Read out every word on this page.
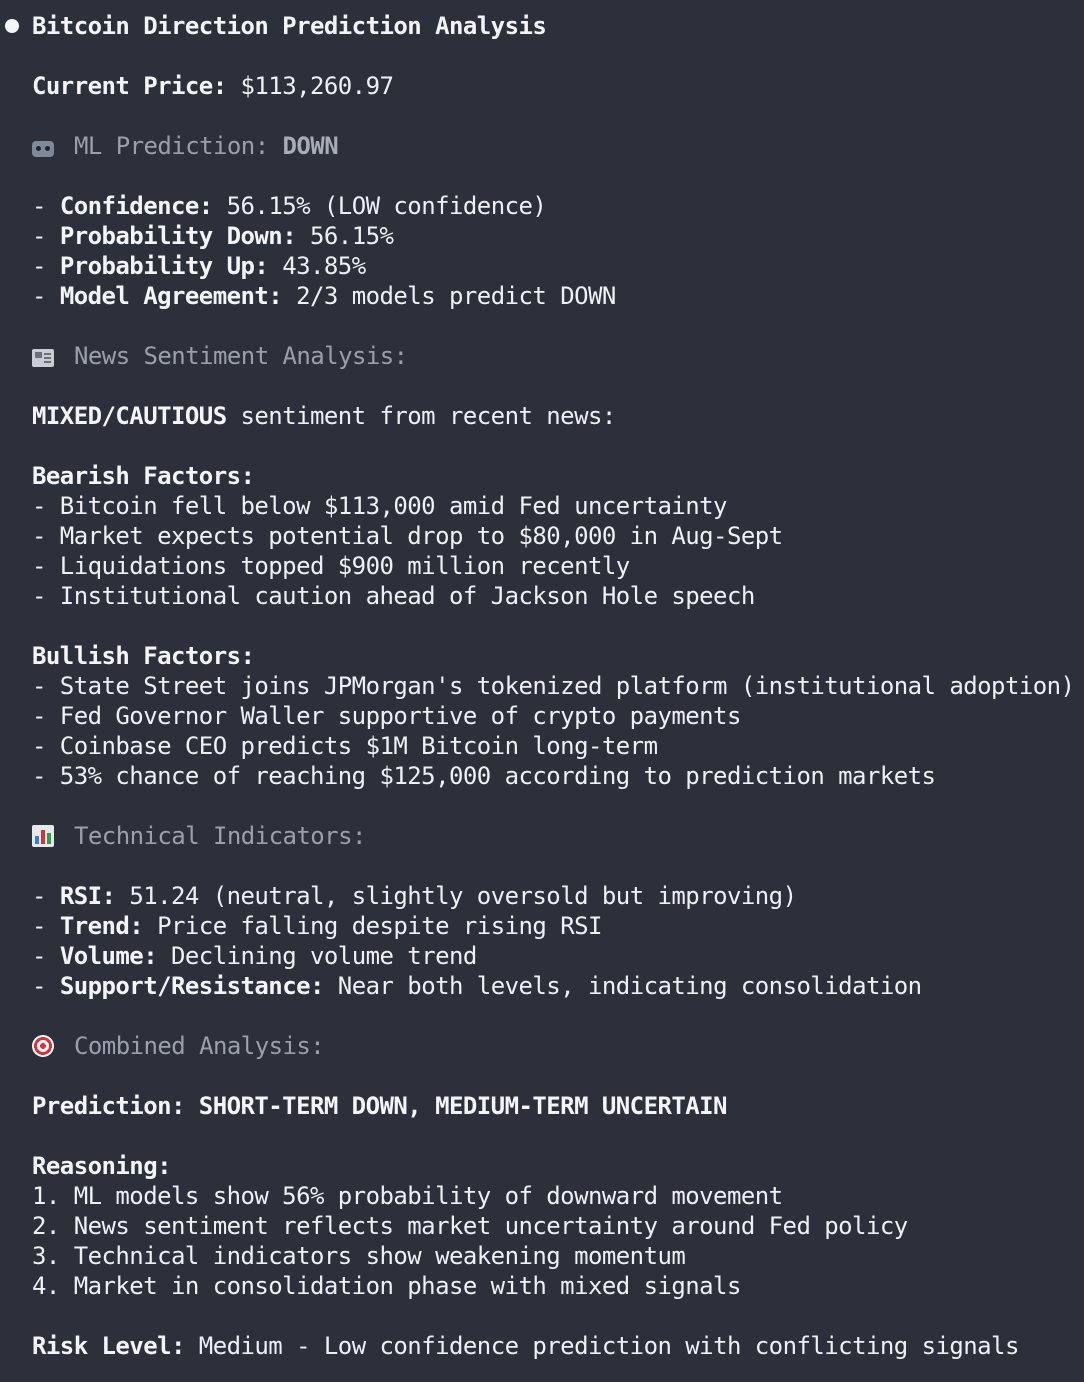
Bitcoin Direction Prediction Analysis
Current Price: $113,260.97
ML Prediction: DOWN
- Confidence: 56.15% (LOW confidence)
- Probability Down: 56.15%
- Probability Up: 43.85%
- Model Agreement: 2/3 models predict DOWN
News Sentiment Analysis:
MIXED/CAUTIOUS sentiment from recent news:
Bearish Factors:
- Bitcoin fell below $113,000 amid Fed uncertainty
- Market expects potential drop to $80,000 in Aug-Sept
- Liquidations topped $900 million recently
- Institutional caution ahead of Jackson Hole speech
Bullish Factors:
- State Street joins JPMorgan's tokenized platform (institutional adoption)
- Fed Governor Waller supportive of crypto payments
- Coinbase CEO predicts $1M Bitcoin long-term
- 53% chance of reaching $125,000 according to prediction markets
Technical Indicators:
- RSI: 51.24 (neutral, slightly oversold but improving)
- Trend: Price falling despite rising RSI
- Volume: Declining volume trend
- Support/Resistance: Near both levels, indicating consolidation
Combined Analysis:
Prediction: SHORT-TERM DOWN, MEDIUM-TERM UNCERTAIN
Reasoning:
1. ML models show 56% probability of downward movement
2. News sentiment reflects market uncertainty around Fed policy
3. Technical indicators show weakening momentum
4. Market in consolidation phase with mixed signals
Risk Level: Medium - Low confidence prediction with conflicting signals
